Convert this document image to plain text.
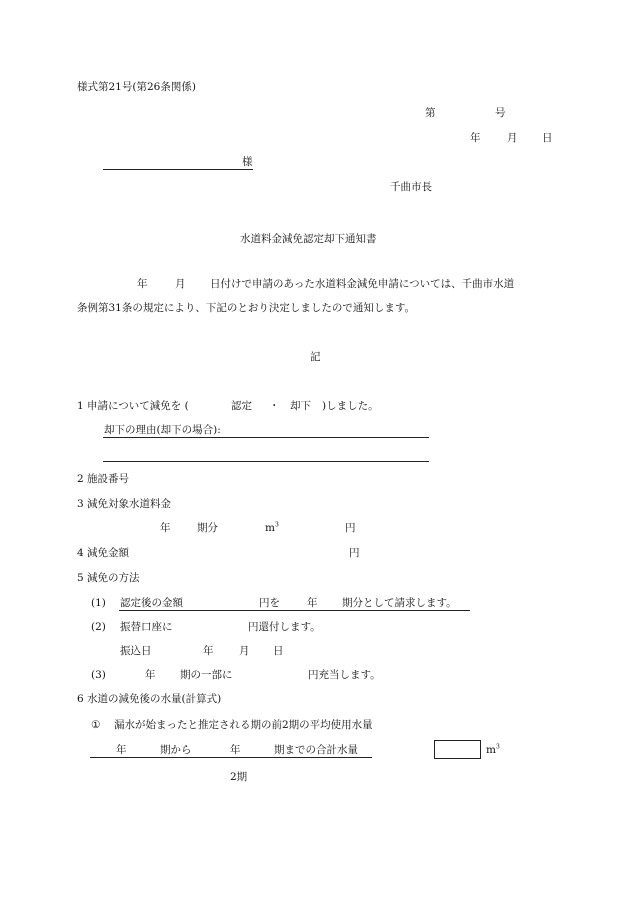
様式第21号(第26条関係)
第	号
年	月 日
様
千曲市長
水道料金減免認定却下通知書
年	月 日付けで申請のあった水道料金減免申請については、千曲市水道
条例第31条の規定により、下記のとおり決定しましたので通知します。
記
1 申請について減免を (	認定 ・ 却下 )しました。
却下の理由(却下の場合):
2 施設番号
3 減免対象水道料金
年	期分	$m^3$	円
4 減免金額	円
5 減免の方法
(1) 認定後の金額	円を	年 期分として請求します。
(2) 振替口座に	円還付します。
振込日	年 月 日
(3)	年 期の一部に	円充当します。
6 水道の減免後の水量(計算式)
① 漏水が始まったと推定される期の前2期の平均使用水量
年	期から	年	期までの合計水量	$m^3$
2期
